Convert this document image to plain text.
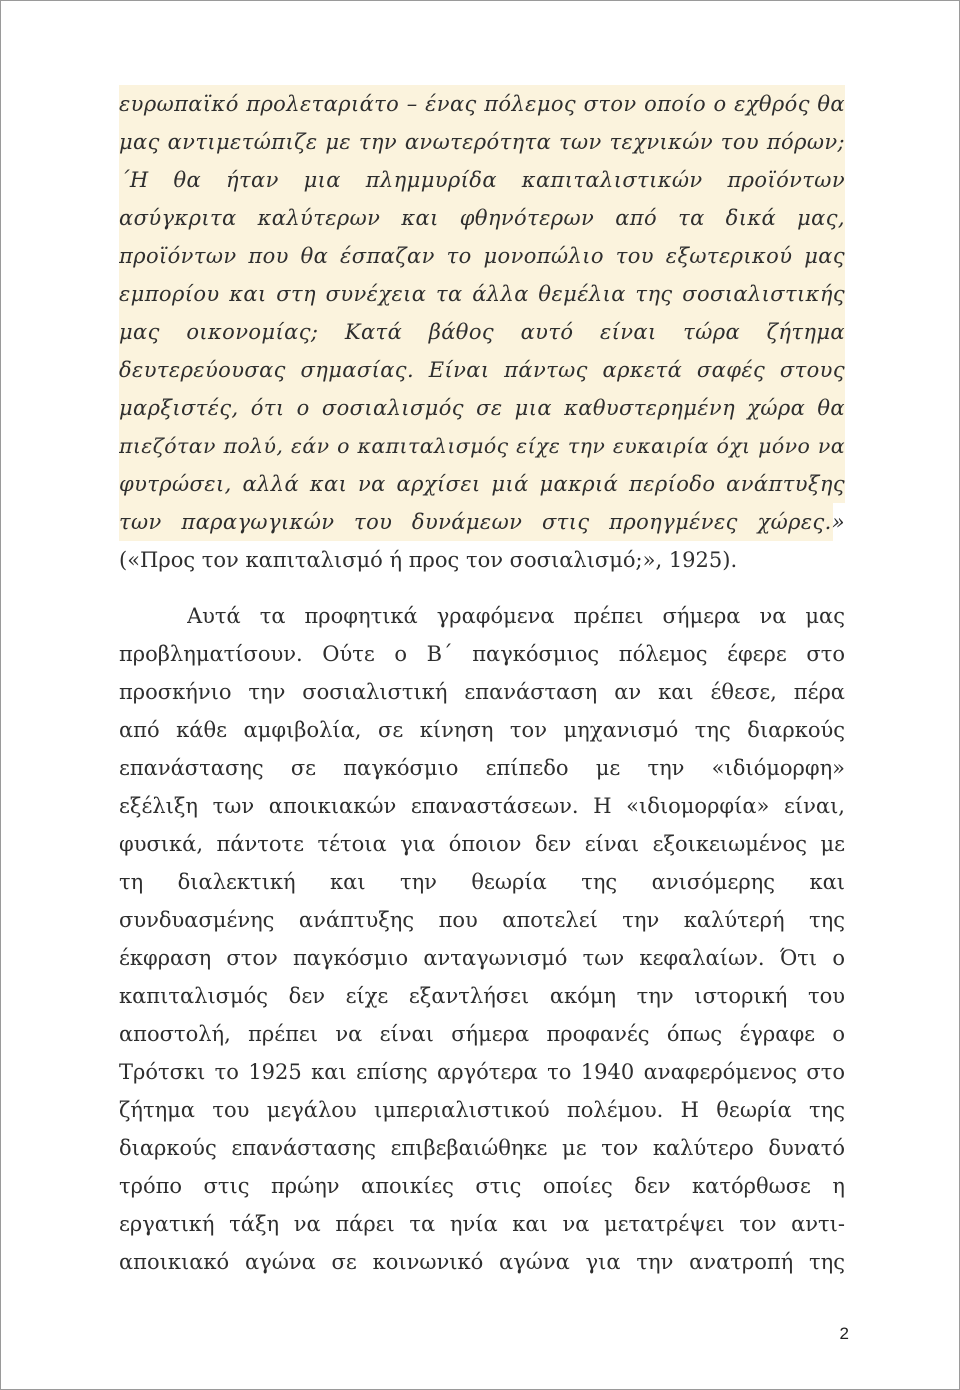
ευρωπαϊκό προλεταριάτο – ένας πόλεμος στον οποίο ο εχθρός θα
μας αντιμετώπιζε με την ανωτερότητα των τεχνικών του πόρων;
΄Η θα ήταν μια πλημμυρίδα καπιταλιστικών προϊόντων
ασύγκριτα καλύτερων και φθηνότερων από τα δικά μας,
προϊόντων που θα έσπαζαν το μονοπώλιο του εξωτερικού μας
εμπορίου και στη συνέχεια τα άλλα θεμέλια της σοσιαλιστικής
μας οικονομίας; Κατά βάθος αυτό είναι τώρα ζήτημα
δευτερεύουσας σημασίας. Είναι πάντως αρκετά σαφές στους
μαρξιστές, ότι ο σοσιαλισμός σε μια καθυστερημένη χώρα θα
πιεζόταν πολύ, εάν ο καπιταλισμός είχε την ευκαιρία όχι μόνο να
φυτρώσει, αλλά και να αρχίσει μιά μακριά περίοδο ανάπτυξης
των παραγωγικών του δυνάμεων στις προηγμένες χώρες.»
(«Προς τον καπιταλισμό ή προς τον σοσιαλισμό;», 1925).
Αυτά τα προφητικά γραφόμενα πρέπει σήμερα να μας
προβληματίσουν. Ούτε ο Β΄ παγκόσμιος πόλεμος έφερε στο
προσκήνιο την σοσιαλιστική επανάσταση αν και έθεσε, πέρα
από κάθε αμφιβολία, σε κίνηση τον μηχανισμό της διαρκούς
επανάστασης σε παγκόσμιο επίπεδο με την «ιδιόμορφη»
εξέλιξη των αποικιακών επαναστάσεων. Η «ιδιομορφία» είναι,
φυσικά, πάντοτε τέτοια για όποιον δεν είναι εξοικειωμένος με
τη διαλεκτική και την θεωρία της ανισόμερης και
συνδυασμένης ανάπτυξης που αποτελεί την καλύτερή της
έκφραση στον παγκόσμιο ανταγωνισμό των κεφαλαίων. Ότι ο
καπιταλισμός δεν είχε εξαντλήσει ακόμη την ιστορική του
αποστολή, πρέπει να είναι σήμερα προφανές όπως έγραφε ο
Τρότσκι το 1925 και επίσης αργότερα το 1940 αναφερόμενος στο
ζήτημα του μεγάλου ιμπεριαλιστικού πολέμου. Η θεωρία της
διαρκούς επανάστασης επιβεβαιώθηκε με τον καλύτερο δυνατό
τρόπο στις πρώην αποικίες στις οποίες δεν κατόρθωσε η
εργατική τάξη να πάρει τα ηνία και να μετατρέψει τον αντι-
αποικιακό αγώνα σε κοινωνικό αγώνα για την ανατροπή της
2
